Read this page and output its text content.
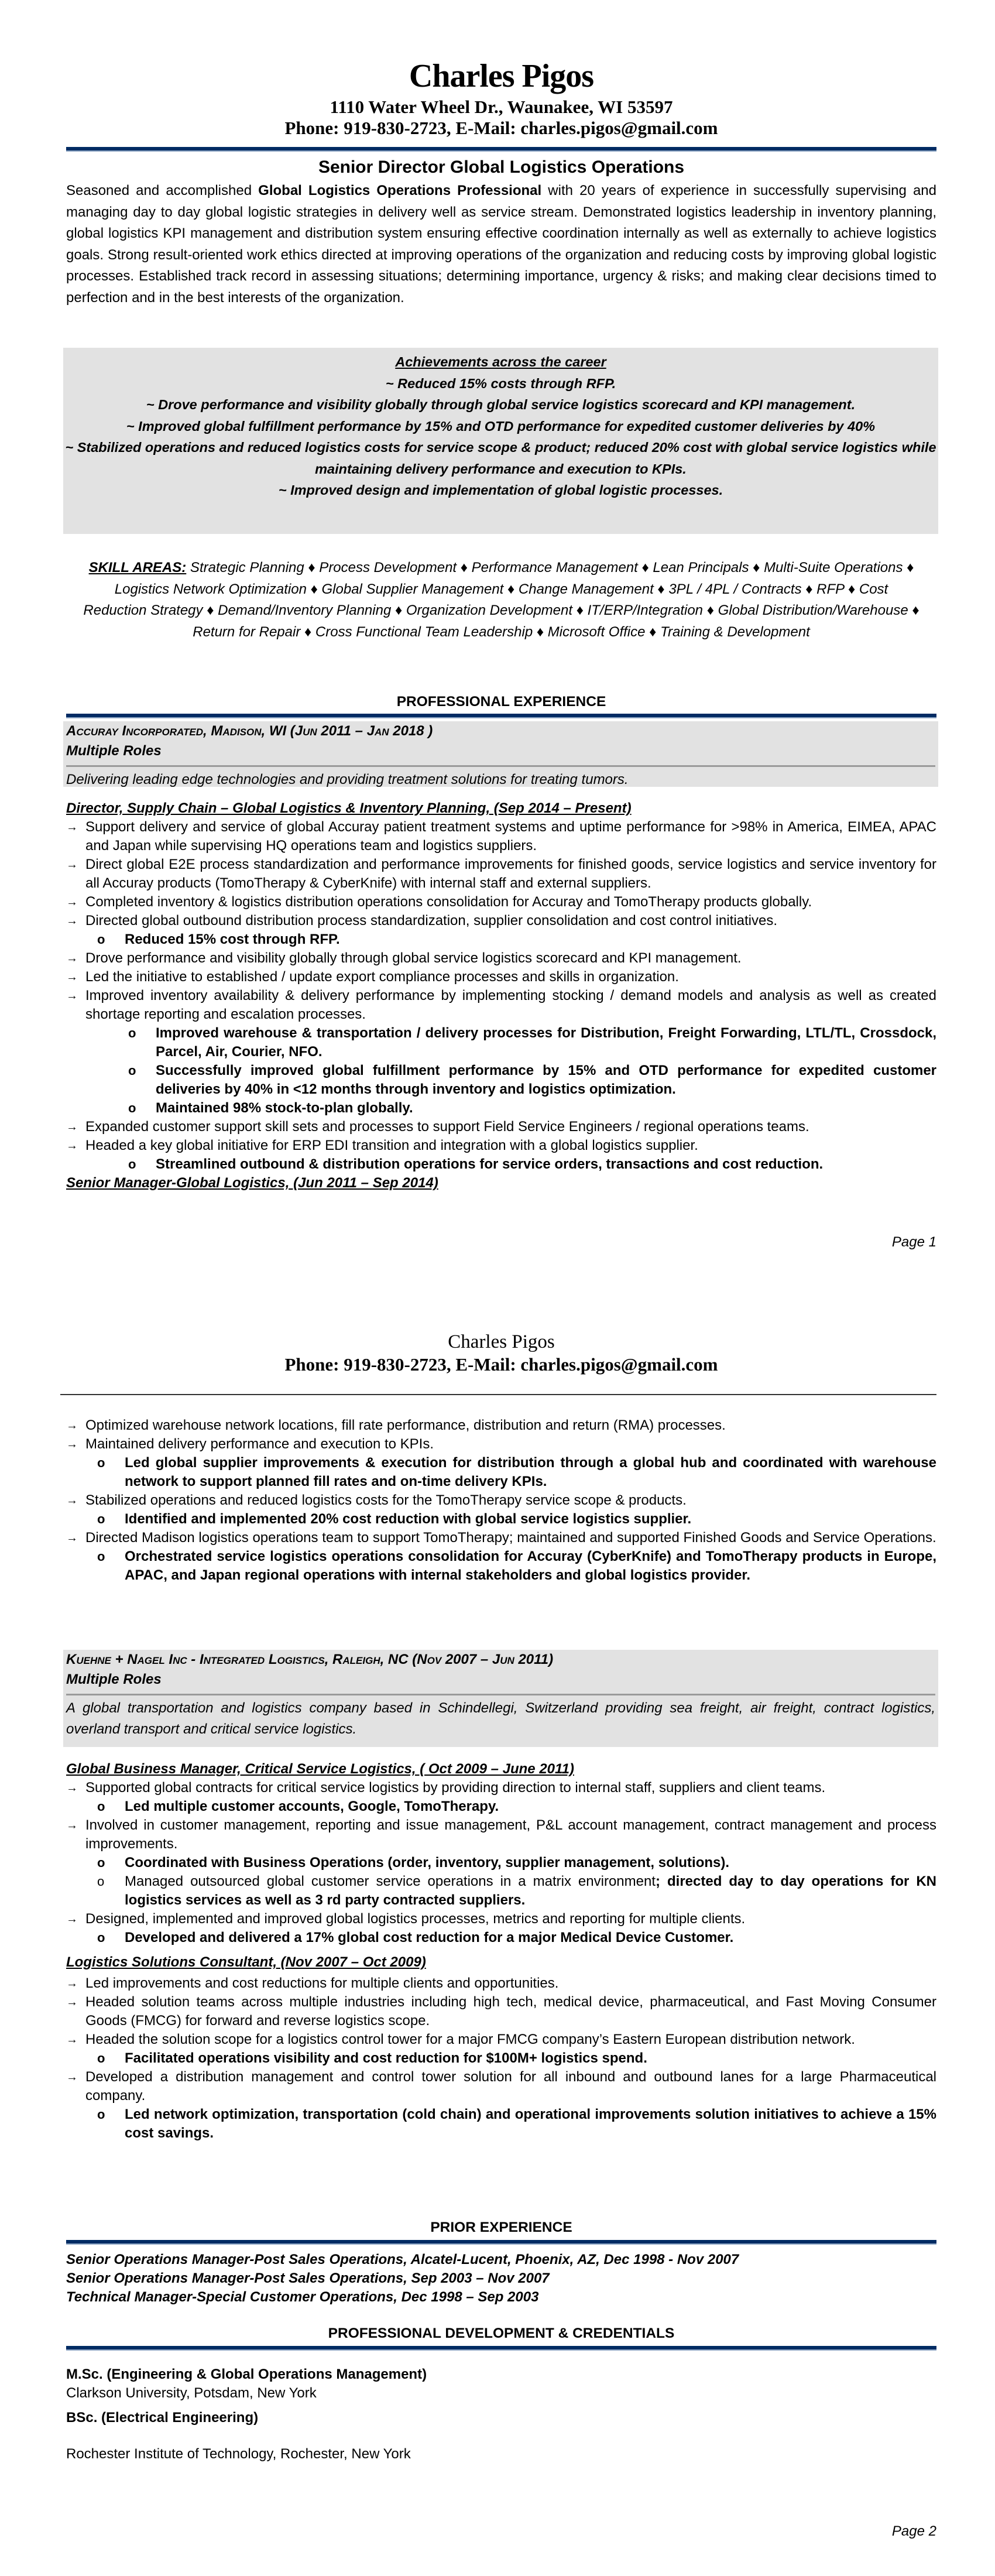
Charles Pigos
1110 Water Wheel Dr., Waunakee, WI 53597
Phone: 919-830-2723, E-Mail: charles.pigos@gmail.com
Senior Director Global Logistics Operations
Seasoned and accomplished Global Logistics Operations Professional with 20 years of experience in successfully supervising and managing day to day global logistic strategies in delivery well as service stream. Demonstrated logistics leadership in inventory planning, global logistics KPI management and distribution system ensuring effective coordination internally as well as externally to achieve logistics goals. Strong result-oriented work ethics directed at improving operations of the organization and reducing costs by improving global logistic processes. Established track record in assessing situations; determining importance, urgency & risks; and making clear decisions timed to perfection and in the best interests of the organization.
Achievements across the career
~ Reduced 15% costs through RFP.
~ Drove performance and visibility globally through global service logistics scorecard and KPI management.
~ Improved global fulfillment performance by 15% and OTD performance for expedited customer deliveries by 40%
~ Stabilized operations and reduced logistics costs for service scope & product; reduced 20% cost with global service logistics while maintaining delivery performance and execution to KPIs.
~ Improved design and implementation of global logistic processes.
SKILL AREAS: Strategic Planning ♦ Process Development ♦ Performance Management ♦ Lean Principals ♦ Multi-Suite Operations ♦ Logistics Network Optimization ♦ Global Supplier Management ♦ Change Management ♦ 3PL / 4PL / Contracts ♦ RFP ♦ Cost Reduction Strategy ♦ Demand/Inventory Planning ♦ Organization Development ♦ IT/ERP/Integration ♦ Global Distribution/Warehouse ♦ Return for Repair ♦ Cross Functional Team Leadership ♦ Microsoft Office ♦ Training & Development
PROFESSIONAL EXPERIENCE
Accuray Incorporated, Madison, WI (Jun 2011 – Jan 2018 )
Multiple Roles
Delivering leading edge technologies and providing treatment solutions for treating tumors.
Director, Supply Chain – Global Logistics & Inventory Planning, (Sep 2014 – Present)
→ Support delivery and service of global Accuray patient treatment systems and uptime performance for >98% in America, EIMEA, APAC and Japan while supervising HQ operations team and logistics suppliers.
→ Direct global E2E process standardization and performance improvements for finished goods, service logistics and service inventory for all Accuray products (TomoTherapy & CyberKnife) with internal staff and external suppliers.
→ Completed inventory & logistics distribution operations consolidation for Accuray and TomoTherapy products globally.
→ Directed global outbound distribution process standardization, supplier consolidation and cost control initiatives.
o Reduced 15% cost through RFP.
→ Drove performance and visibility globally through global service logistics scorecard and KPI management.
→ Led the initiative to established / update export compliance processes and skills in organization.
→ Improved inventory availability & delivery performance by implementing stocking / demand models and analysis as well as created shortage reporting and escalation processes.
o Improved warehouse & transportation / delivery processes for Distribution, Freight Forwarding, LTL/TL, Crossdock, Parcel, Air, Courier, NFO.
o Successfully improved global fulfillment performance by 15% and OTD performance for expedited customer deliveries by 40% in <12 months through inventory and logistics optimization.
o Maintained 98% stock-to-plan globally.
→ Expanded customer support skill sets and processes to support Field Service Engineers / regional operations teams.
→ Headed a key global initiative for ERP EDI transition and integration with a global logistics supplier.
o Streamlined outbound & distribution operations for service orders, transactions and cost reduction.
Senior Manager-Global Logistics, (Jun 2011 – Sep 2014)
Page 1
Charles Pigos
Phone: 919-830-2723, E-Mail: charles.pigos@gmail.com
→ Optimized warehouse network locations, fill rate performance, distribution and return (RMA) processes.
→ Maintained delivery performance and execution to KPIs.
o Led global supplier improvements & execution for distribution through a global hub and coordinated with warehouse network to support planned fill rates and on-time delivery KPIs.
→ Stabilized operations and reduced logistics costs for the TomoTherapy service scope & products.
o Identified and implemented 20% cost reduction with global service logistics supplier.
→ Directed Madison logistics operations team to support TomoTherapy; maintained and supported Finished Goods and Service Operations.
o Orchestrated service logistics operations consolidation for Accuray (CyberKnife) and TomoTherapy products in Europe, APAC, and Japan regional operations with internal stakeholders and global logistics provider.
Kuehne + Nagel Inc - Integrated Logistics, Raleigh, NC (Nov 2007 – Jun 2011)
Multiple Roles
A global transportation and logistics company based in Schindellegi, Switzerland providing sea freight, air freight, contract logistics, overland transport and critical service logistics.
Global Business Manager, Critical Service Logistics, ( Oct 2009 – June 2011)
→ Supported global contracts for critical service logistics by providing direction to internal staff, suppliers and client teams.
o Led multiple customer accounts, Google, TomoTherapy.
→ Involved in customer management, reporting and issue management, P&L account management, contract management and process improvements.
o Coordinated with Business Operations (order, inventory, supplier management, solutions).
o Managed outsourced global customer service operations in a matrix environment; directed day to day operations for KN logistics services as well as 3 rd party contracted suppliers.
→ Designed, implemented and improved global logistics processes, metrics and reporting for multiple clients.
o Developed and delivered a 17% global cost reduction for a major Medical Device Customer.
Logistics Solutions Consultant, (Nov 2007 – Oct 2009)
→ Led improvements and cost reductions for multiple clients and opportunities.
→ Headed solution teams across multiple industries including high tech, medical device, pharmaceutical, and Fast Moving Consumer Goods (FMCG) for forward and reverse logistics scope.
→ Headed the solution scope for a logistics control tower for a major FMCG company’s Eastern European distribution network.
o Facilitated operations visibility and cost reduction for $100M+ logistics spend.
→ Developed a distribution management and control tower solution for all inbound and outbound lanes for a large Pharmaceutical company.
o Led network optimization, transportation (cold chain) and operational improvements solution initiatives to achieve a 15% cost savings.
PRIOR EXPERIENCE
Senior Operations Manager-Post Sales Operations, Alcatel-Lucent, Phoenix, AZ, Dec 1998 - Nov 2007
Senior Operations Manager-Post Sales Operations, Sep 2003 – Nov 2007
Technical Manager-Special Customer Operations, Dec 1998 – Sep 2003
PROFESSIONAL DEVELOPMENT & CREDENTIALS
M.Sc. (Engineering & Global Operations Management)
Clarkson University, Potsdam, New York
BSc. (Electrical Engineering)
Rochester Institute of Technology, Rochester, New York
Page 2
